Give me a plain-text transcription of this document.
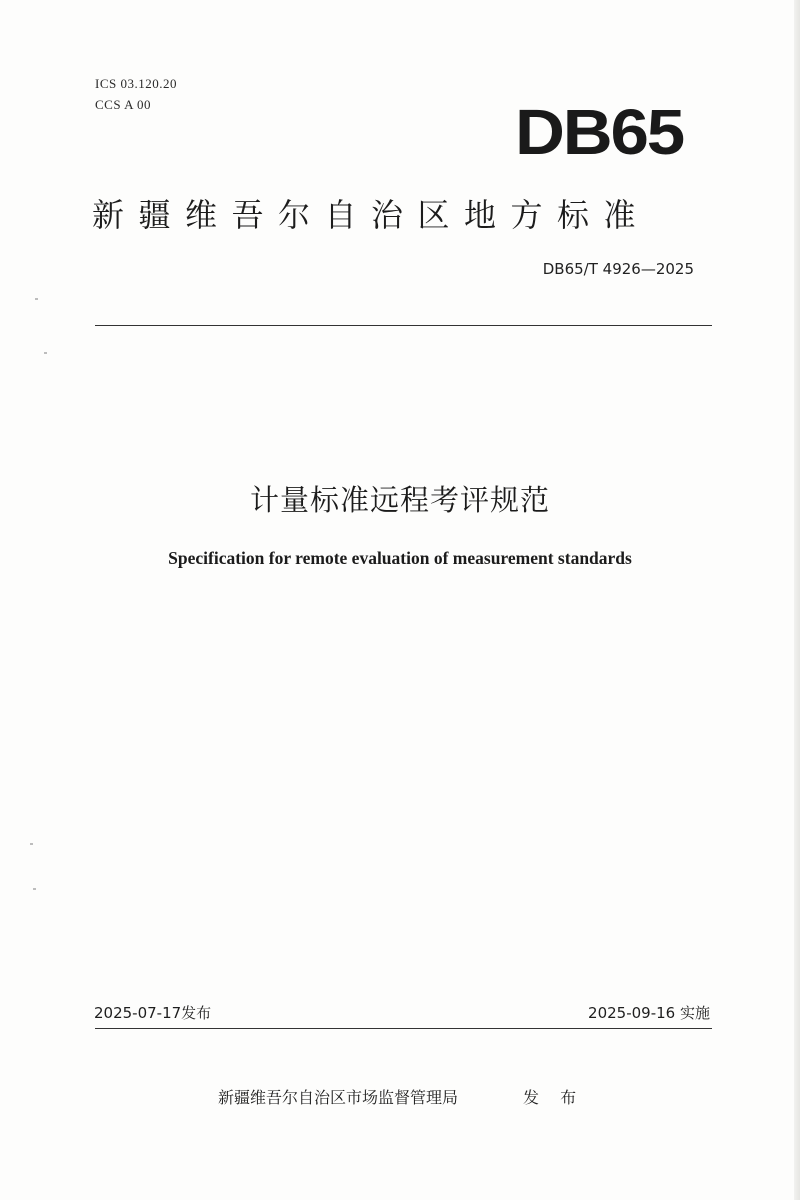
ICS 03.120.20
CCS A 00	DB65
新疆维吾尔自治区地方标准
DB65/T 4926—2025
计量标准远程考评规范
Specification for remote evaluation of measurement standards
2025-07-17发布	2025-09-16 实施
新疆维吾尔自治区市场监督管理局	发 布
